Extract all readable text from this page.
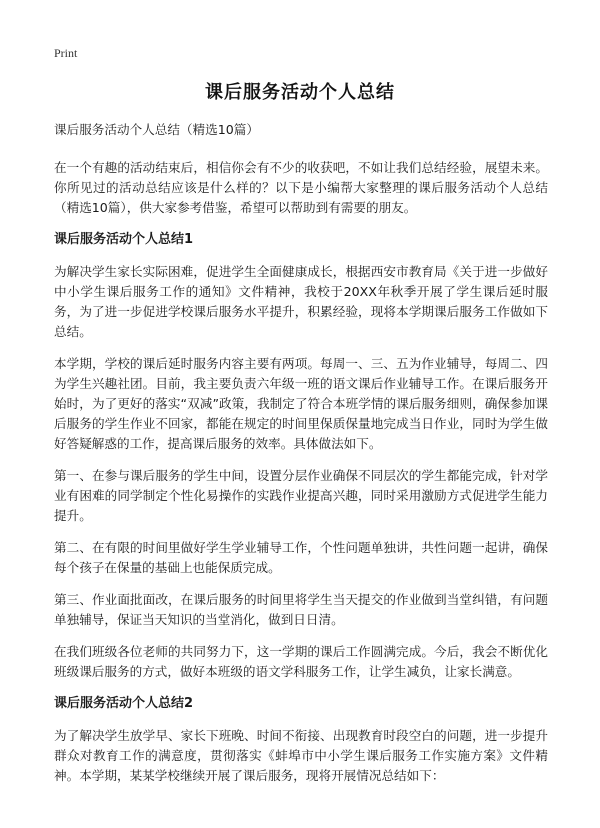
Print
课后服务活动个人总结

课后服务活动个人总结（精选10篇）

在一个有趣的活动结束后，相信你会有不少的收获吧，不如让我们总结经验，展望未来。你所见过的活动总结应该是什么样的？以下是小编帮大家整理的课后服务活动个人总结（精选10篇），供大家参考借鉴，希望可以帮助到有需要的朋友。

课后服务活动个人总结1

为解决学生家长实际困难，促进学生全面健康成长，根据西安市教育局《关于进一步做好中小学生课后服务工作的通知》文件精神，我校于20XX年秋季开展了学生课后延时服务，为了进一步促进学校课后服务水平提升，积累经验，现将本学期课后服务工作做如下总结。

本学期，学校的课后延时服务内容主要有两项。每周一、三、五为作业辅导，每周二、四为学生兴趣社团。目前，我主要负责六年级一班的语文课后作业辅导工作。在课后服务开始时，为了更好的落实“双减”政策，我制定了符合本班学情的课后服务细则，确保参加课后服务的学生作业不回家，都能在规定的时间里保质保量地完成当日作业，同时为学生做好答疑解惑的工作，提高课后服务的效率。具体做法如下。

第一、在参与课后服务的学生中间，设置分层作业确保不同层次的学生都能完成，针对学业有困难的同学制定个性化易操作的实践作业提高兴趣，同时采用激励方式促进学生能力提升。

第二、在有限的时间里做好学生学业辅导工作，个性问题单独讲，共性问题一起讲，确保每个孩子在保量的基础上也能保质完成。

第三、作业面批面改，在课后服务的时间里将学生当天提交的作业做到当堂纠错，有问题单独辅导，保证当天知识的当堂消化，做到日日清。

在我们班级各位老师的共同努力下，这一学期的课后工作圆满完成。今后，我会不断优化班级课后服务的方式，做好本班级的语文学科服务工作，让学生减负，让家长满意。

课后服务活动个人总结2

为了解决学生放学早、家长下班晚、时间不衔接、出现教育时段空白的问题，进一步提升群众对教育工作的满意度，贯彻落实《蚌埠市中小学生课后服务工作实施方案》文件精神。本学期，某某学校继续开展了课后服务，现将开展情况总结如下：
